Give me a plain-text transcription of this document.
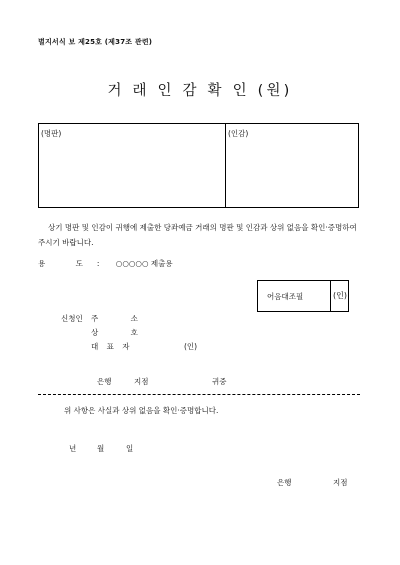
별지서식 보 제25호 (제37조 관련)
거 래 인 감 확 인 (원)
(명판)	(인감)
상기 명판 및 인감이 귀행에 제출한 당좌예금 거래의 명판 및 인감과 상위 없음을 확인·증명하여 주시기 바랍니다.
용 도: ○○○○○ 제출용
어음대조필	(인)
신청인 주 소
상 호
대 표 자	(인)
은행	지점	귀중
위 사항은 사실과 상위 없음을 확인·증명합니다.
년	월	일
은행	지점
